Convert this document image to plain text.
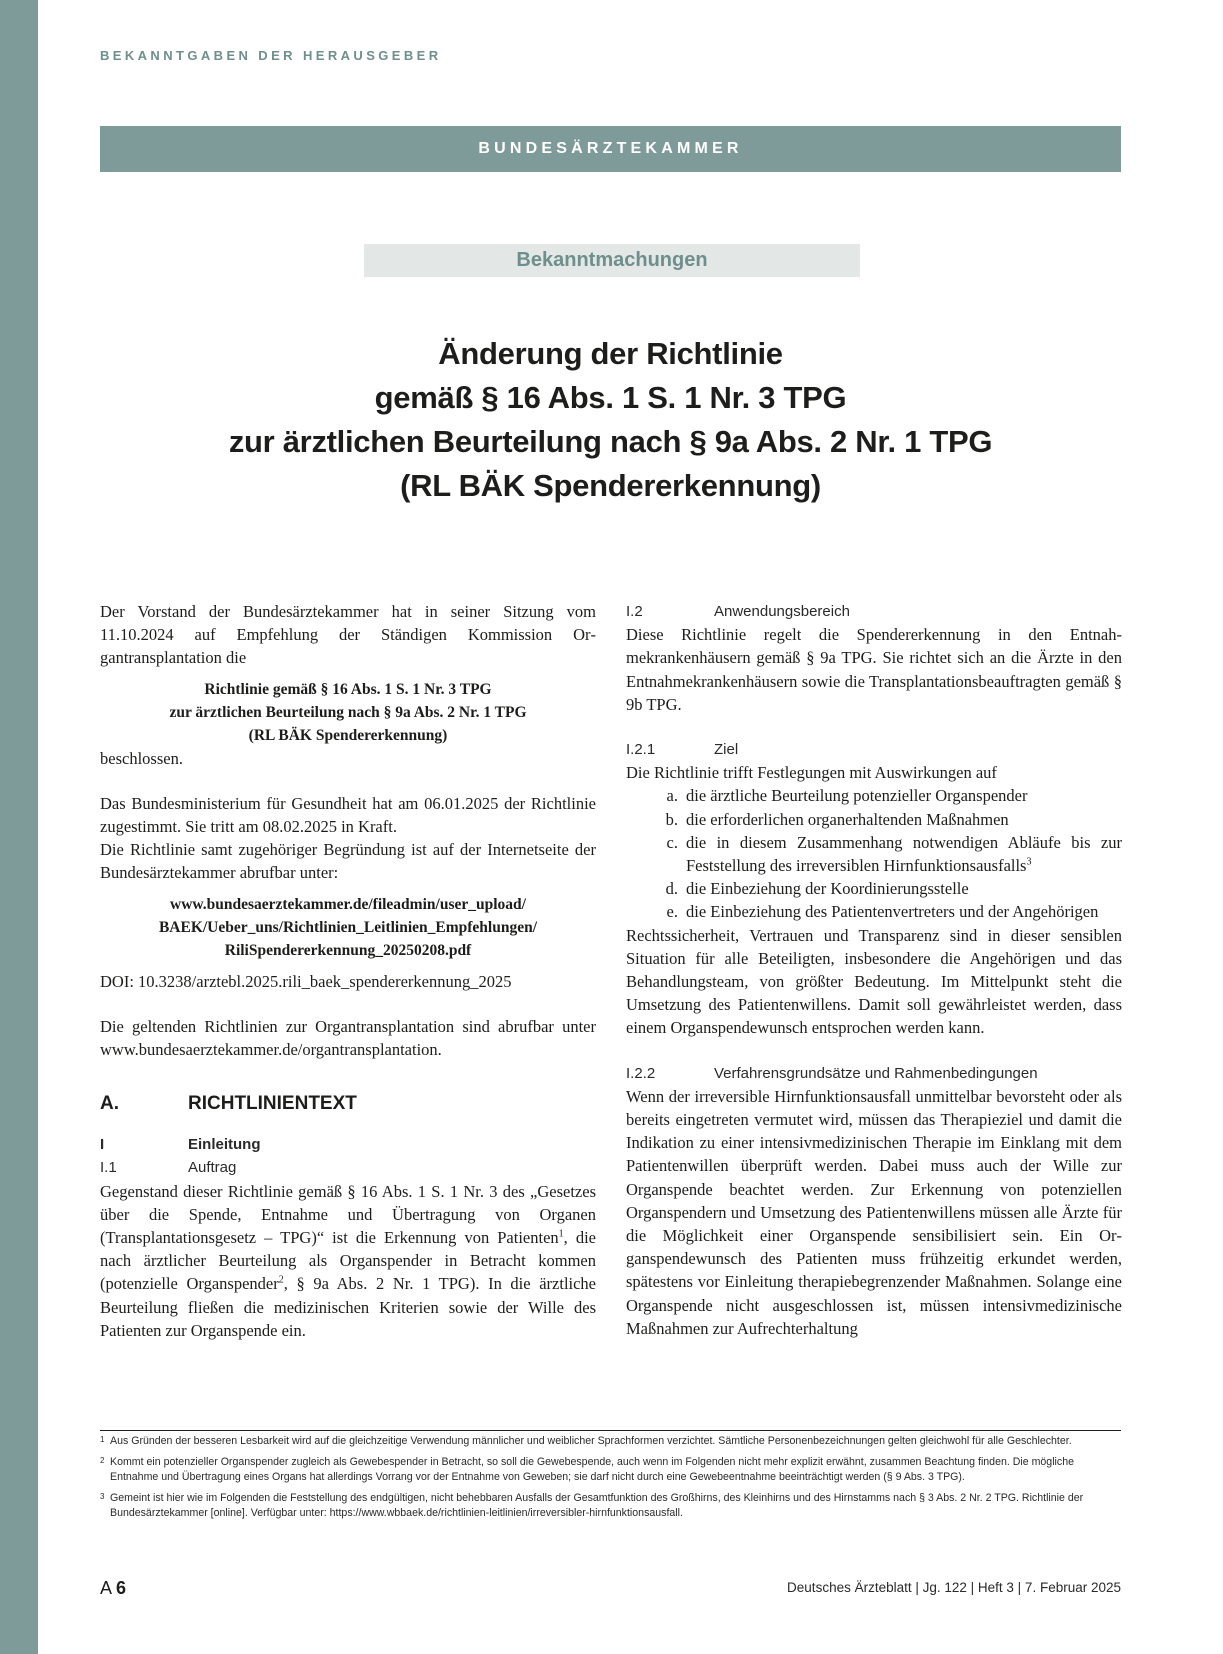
BEKANNTGABEN DER HERAUSGEBER
BUNDESÄRZTEKAMMER
Bekanntmachungen
Änderung der Richtlinie
gemäß § 16 Abs. 1 S. 1 Nr. 3 TPG
zur ärztlichen Beurteilung nach § 9a Abs. 2 Nr. 1 TPG
(RL BÄK Spendererkennung)

Der Vorstand der Bundesärztekammer hat in seiner Sitzung vom 11.10.2024 auf Empfehlung der Ständigen Kommission Organtransplantation die

Richtlinie gemäß § 16 Abs. 1 S. 1 Nr. 3 TPG
zur ärztlichen Beurteilung nach § 9a Abs. 2 Nr. 1 TPG
(RL BÄK Spendererkennung)

beschlossen.

Das Bundesministerium für Gesundheit hat am 06.01.2025 der Richtlinie zugestimmt. Sie tritt am 08.02.2025 in Kraft.

Die Richtlinie samt zugehöriger Begründung ist auf der Internetseite der Bundesärztekammer abrufbar unter:

www.bundesaerztekammer.de/fileadmin/user_upload/
BAEK/Ueber_uns/Richtlinien_Leitlinien_Empfehlungen/
RiliSpendererkennung_20250208.pdf

DOI: 10.3238/arztebl.2025.rili_baek_spendererkennung_2025

Die geltenden Richtlinien zur Organtransplantation sind abrufbar unter www.bundesaerztekammer.de/organtransplantation.

A.	RICHTLINIENTEXT
I	Einleitung
I.1	Auftrag

Gegenstand dieser Richtlinie gemäß § 16 Abs. 1 S. 1 Nr. 3 des „Gesetzes über die Spende, Entnahme und Übertragung von Organen (Transplantationsgesetz – TPG)“ ist die Erkennung von Patienten$^1$, die nach ärztlicher Beurteilung als Organspender in Betracht kommen (potenzielle Organspender$^2$, § 9a Abs. 2 Nr. 1 TPG). In die ärztliche Beurteilung fließen die medizinischen Kriterien sowie der Wille des Patienten zur Organspende ein.

I.2	Anwendungsbereich

Diese Richtlinie regelt die Spendererkennung in den Entnahmekrankenhäusern gemäß § 9a TPG. Sie richtet sich an die Ärzte in den Entnahmekrankenhäusern sowie die Transplantationsbeauftragten gemäß § 9b TPG.

I.2.1	Ziel

Die Richtlinie trifft Festlegungen mit Auswirkungen auf

a. die ärztliche Beurteilung potenzieller Organspender
b. die erforderlichen organerhaltenden Maßnahmen
c. die in diesem Zusammenhang notwendigen Abläufe bis zur Feststellung des irreversiblen Hirnfunktionsausfalls$^3$
d. die Einbeziehung der Koordinierungsstelle
e. die Einbeziehung des Patientenvertreters und der Angehörigen

Rechtssicherheit, Vertrauen und Transparenz sind in dieser sensiblen Situation für alle Beteiligten, insbesondere die Angehörigen und das Behandlungsteam, von größter Bedeutung. Im Mittelpunkt steht die Umsetzung des Patientenwillens. Damit soll gewährleistet werden, dass einem Organspendewunsch entsprochen werden kann.

I.2.2	Verfahrensgrundsätze und Rahmenbedingungen

Wenn der irreversible Hirnfunktionsausfall unmittelbar bevorsteht oder als bereits eingetreten vermutet wird, müssen das Therapieziel und damit die Indikation zu einer intensivmedizinischen Therapie im Einklang mit dem Patientenwillen überprüft werden. Dabei muss auch der Wille zur Organspende beachtet werden. Zur Erkennung von potenziellen Organspendern und Umsetzung des Patientenwillens müssen alle Ärzte für die Möglichkeit einer Organspende sensibilisiert sein. Ein Organspendewunsch des Patienten muss frühzeitig erkundet werden, spätestens vor Einleitung therapiebegrenzender Maßnahmen. Solange eine Organspende nicht ausgeschlossen ist, müssen intensivmedizinische Maßnahmen zur Aufrechterhaltung

1 Aus Gründen der besseren Lesbarkeit wird auf die gleichzeitige Verwendung männlicher und weiblicher Sprachformen verzichtet. Sämtliche Personenbezeichnungen gelten gleichwohl für alle Geschlechter.
2 Kommt ein potenzieller Organspender zugleich als Gewebespender in Betracht, so soll die Gewebespende, auch wenn im Folgenden nicht mehr explizit erwähnt, zusammen Beachtung finden. Die mögliche Entnahme und Übertragung eines Organs hat allerdings Vorrang vor der Entnahme von Geweben; sie darf nicht durch eine Gewebeentnahme beeinträchtigt werden (§ 9 Abs. 3 TPG).
3 Gemeint ist hier wie im Folgenden die Feststellung des endgültigen, nicht behebbaren Ausfalls der Gesamtfunktion des Großhirns, des Kleinhirns und des Hirnstamms nach § 3 Abs. 2 Nr. 2 TPG. Richtlinie der Bundesärztekammer [online]. Verfügbar unter: https://www.wbbaek.de/richtlinien-leitlinien/irreversibler-hirnfunktionsausfall.
A 6	Deutsches Ärzteblatt | Jg. 122 | Heft 3 | 7. Februar 2025
